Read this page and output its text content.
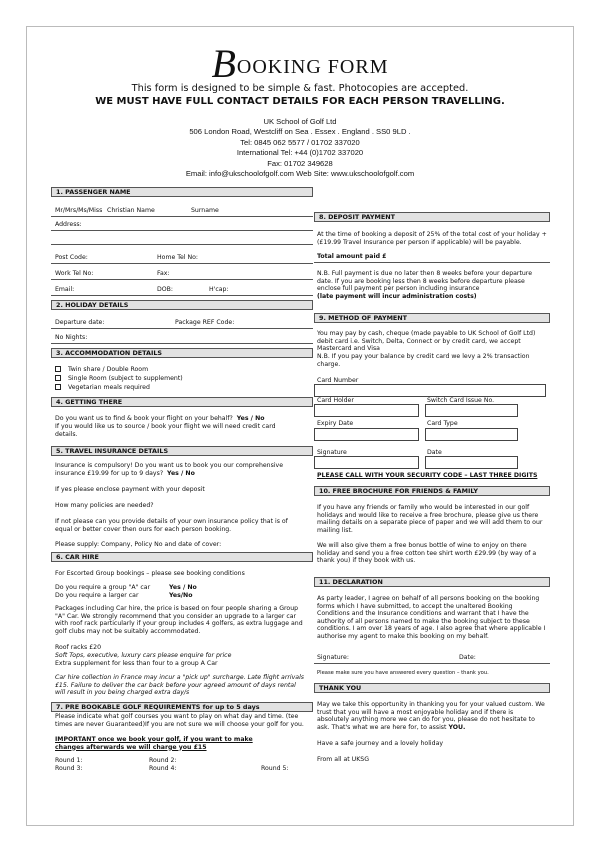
BOOKING FORM
This form is designed to be simple & fast. Photocopies are accepted.
WE MUST HAVE FULL CONTACT DETAILS FOR EACH PERSON TRAVELLING.
UK School of Golf Ltd
506 London Road, Westcliff on Sea . Essex . England . SS0 9LD .
Tel: 0845 062 5577 / 01702 337020
International Tel: +44 (0)1702 337020
Fax: 01702 349628
Email: info@ukschoolofgolf.com Web Site: www.ukschoolofgolf.com
1. PASSENGER NAME

Mr/Mrs/Ms/Miss Christian Name	Surname

Address:

Post Code:	Home Tel No:

Work Tel No:	Fax:

Email:	DOB:	H'cap:

2. HOLIDAY DETAILS

Departure date:	Package REF Code:

No Nights:

3. ACCOMMODATION DETAILS

Twin share / Double Room

Single Room (subject to supplement)

Vegetarian meals required

4. GETTING THERE

Do you want us to find & book your flight on your behalf? Yes / No

If you would like us to source / book your flight we will need credit card details.

5. TRAVEL INSURANCE DETAILS

Insurance is compulsory! Do you want us to book you our comprehensive insurance £19.99 for up to 9 days? Yes / No

If yes please enclose payment with your deposit

How many policies are needed?

If not please can you provide details of your own insurance policy that is of equal or better cover then ours for each person booking.

Please supply: Company, Policy No and date of cover:

6. CAR HIRE

For Escorted Group bookings – please see booking conditions

Do you require a group "A" car	Yes / No

Do you require a larger car	Yes/No

Packages including Car hire, the price is based on four people sharing a Group "A" Car. We strongly recommend that you consider an upgrade to a larger car with roof rack particularly if your group includes 4 golfers, as extra luggage and golf clubs may not be suitably accommodated.

Roof racks £20

Soft Tops, executive, luxury cars please enquire for price

Extra supplement for less than four to a group A Car

Car hire collection in France may incur a "pick up" surcharge. Late flight arrivals £15. Failure to deliver the car back before your agreed amount of days rental will result in you being charged extra day/s

7. PRE BOOKABLE GOLF REQUIREMENTS for up to 5 days

Please indicate what golf courses you want to play on what day and time. (tee times are never Guaranteed)If you are not sure we will choose your golf for you.

IMPORTANT once we book your golf, if you want to make changes afterwards we will charge you £15

Round 1:	Round 2:

Round 3:	Round 4:	Round 5:

8. DEPOSIT PAYMENT

At the time of booking a deposit of 25% of the total cost of your holiday + (£19.99 Travel Insurance per person if applicable) will be payable.

Total amount paid £

N.B. Full payment is due no later then 8 weeks before your departure date. If you are booking less then 8 weeks before departure please enclose full payment per person including insurance

(late payment will incur administration costs)

9. METHOD OF PAYMENT

You may pay by cash, cheque (made payable to UK School of Golf Ltd) debit card i.e. Switch, Delta, Connect or by credit card, we accept Mastercard and Visa

N.B. If you pay your balance by credit card we levy a 2% transaction charge.

Card Number

Card Holder	Switch Card Issue No.

Expiry Date	Card Type

Signature	Date

PLEASE CALL WITH YOUR SECURITY CODE – LAST THREE DIGITS

10. FREE BROCHURE FOR FRIENDS & FAMILY

If you have any friends or family who would be interested in our golf holidays and would like to receive a free brochure, please give us there mailing details on a separate piece of paper and we will add them to our mailing list.

We will also give them a free bonus bottle of wine to enjoy on there holiday and send you a free cotton tee shirt worth £29.99 (by way of a thank you) if they book with us.

11. DECLARATION

As party leader, I agree on behalf of all persons booking on the booking forms which I have submitted, to accept the unaltered Booking Conditions and the Insurance conditions and warrant that I have the authority of all persons named to make the booking subject to these conditions. I am over 18 years of age. I also agree that where applicable I authorise my agent to make this booking on my behalf.

Signature:	Date:

Please make sure you have answered every question – thank you.

THANK YOU

May we take this opportunity in thanking you for your valued custom. We trust that you will have a most enjoyable holiday and if there is absolutely anything more we can do for you, please do not hesitate to ask. That's what we are here for, to assist YOU.

Have a safe journey and a lovely holiday

From all at UKSG
